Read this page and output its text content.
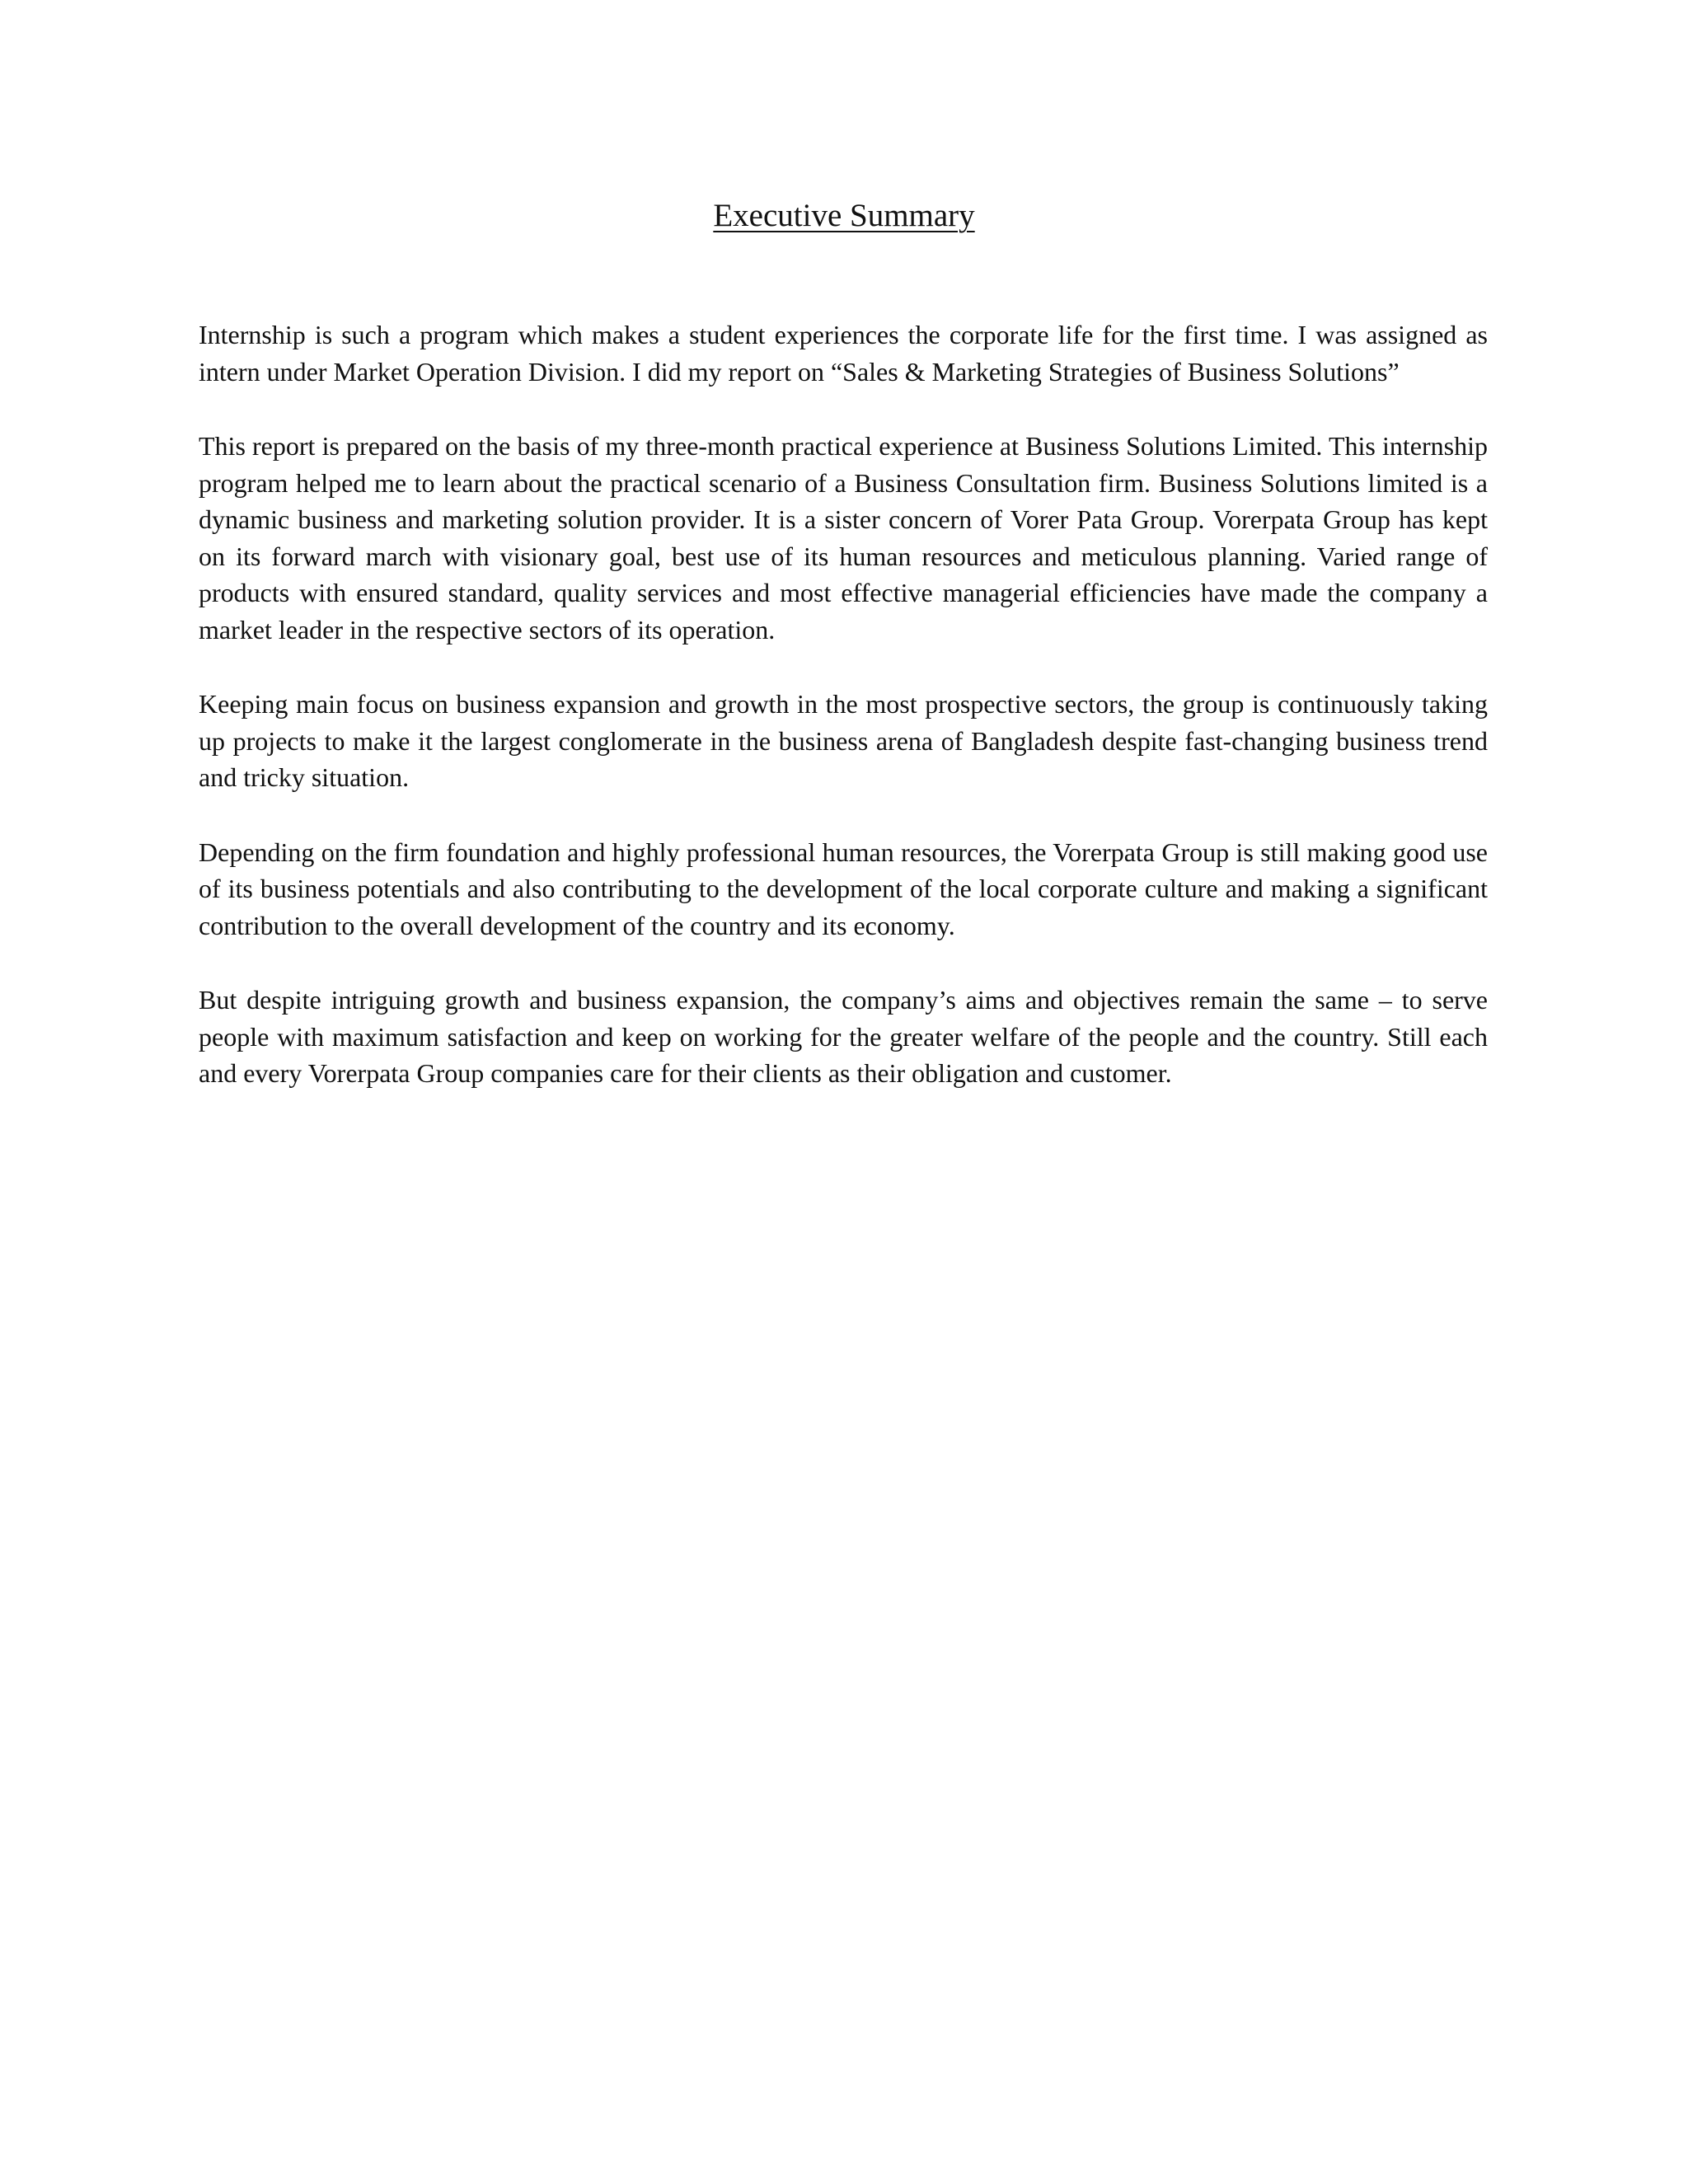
Executive Summary

Internship is such a program which makes a student experiences the corporate life for the first time. I was assigned as intern under Market Operation Division. I did my report on “Sales & Marketing Strategies of Business Solutions”

This report is prepared on the basis of my three-month practical experience at Business Solutions Limited. This internship program helped me to learn about the practical scenario of a Business Consultation firm. Business Solutions limited is a dynamic business and marketing solution provider. It is a sister concern of Vorer Pata Group. Vorerpata Group has kept on its forward march with visionary goal, best use of its human resources and meticulous planning. Varied range of products with ensured standard, quality services and most effective managerial efficiencies have made the company a market leader in the respective sectors of its operation.

Keeping main focus on business expansion and growth in the most prospective sectors, the group is continuously taking up projects to make it the largest conglomerate in the business arena of Bangladesh despite fast-changing business trend and tricky situation.

Depending on the firm foundation and highly professional human resources, the Vorerpata Group is still making good use of its business potentials and also contributing to the development of the local corporate culture and making a significant contribution to the overall development of the country and its economy.

But despite intriguing growth and business expansion, the company’s aims and objectives remain the same – to serve people with maximum satisfaction and keep on working for the greater welfare of the people and the country. Still each and every Vorerpata Group companies care for their clients as their obligation and customer.
